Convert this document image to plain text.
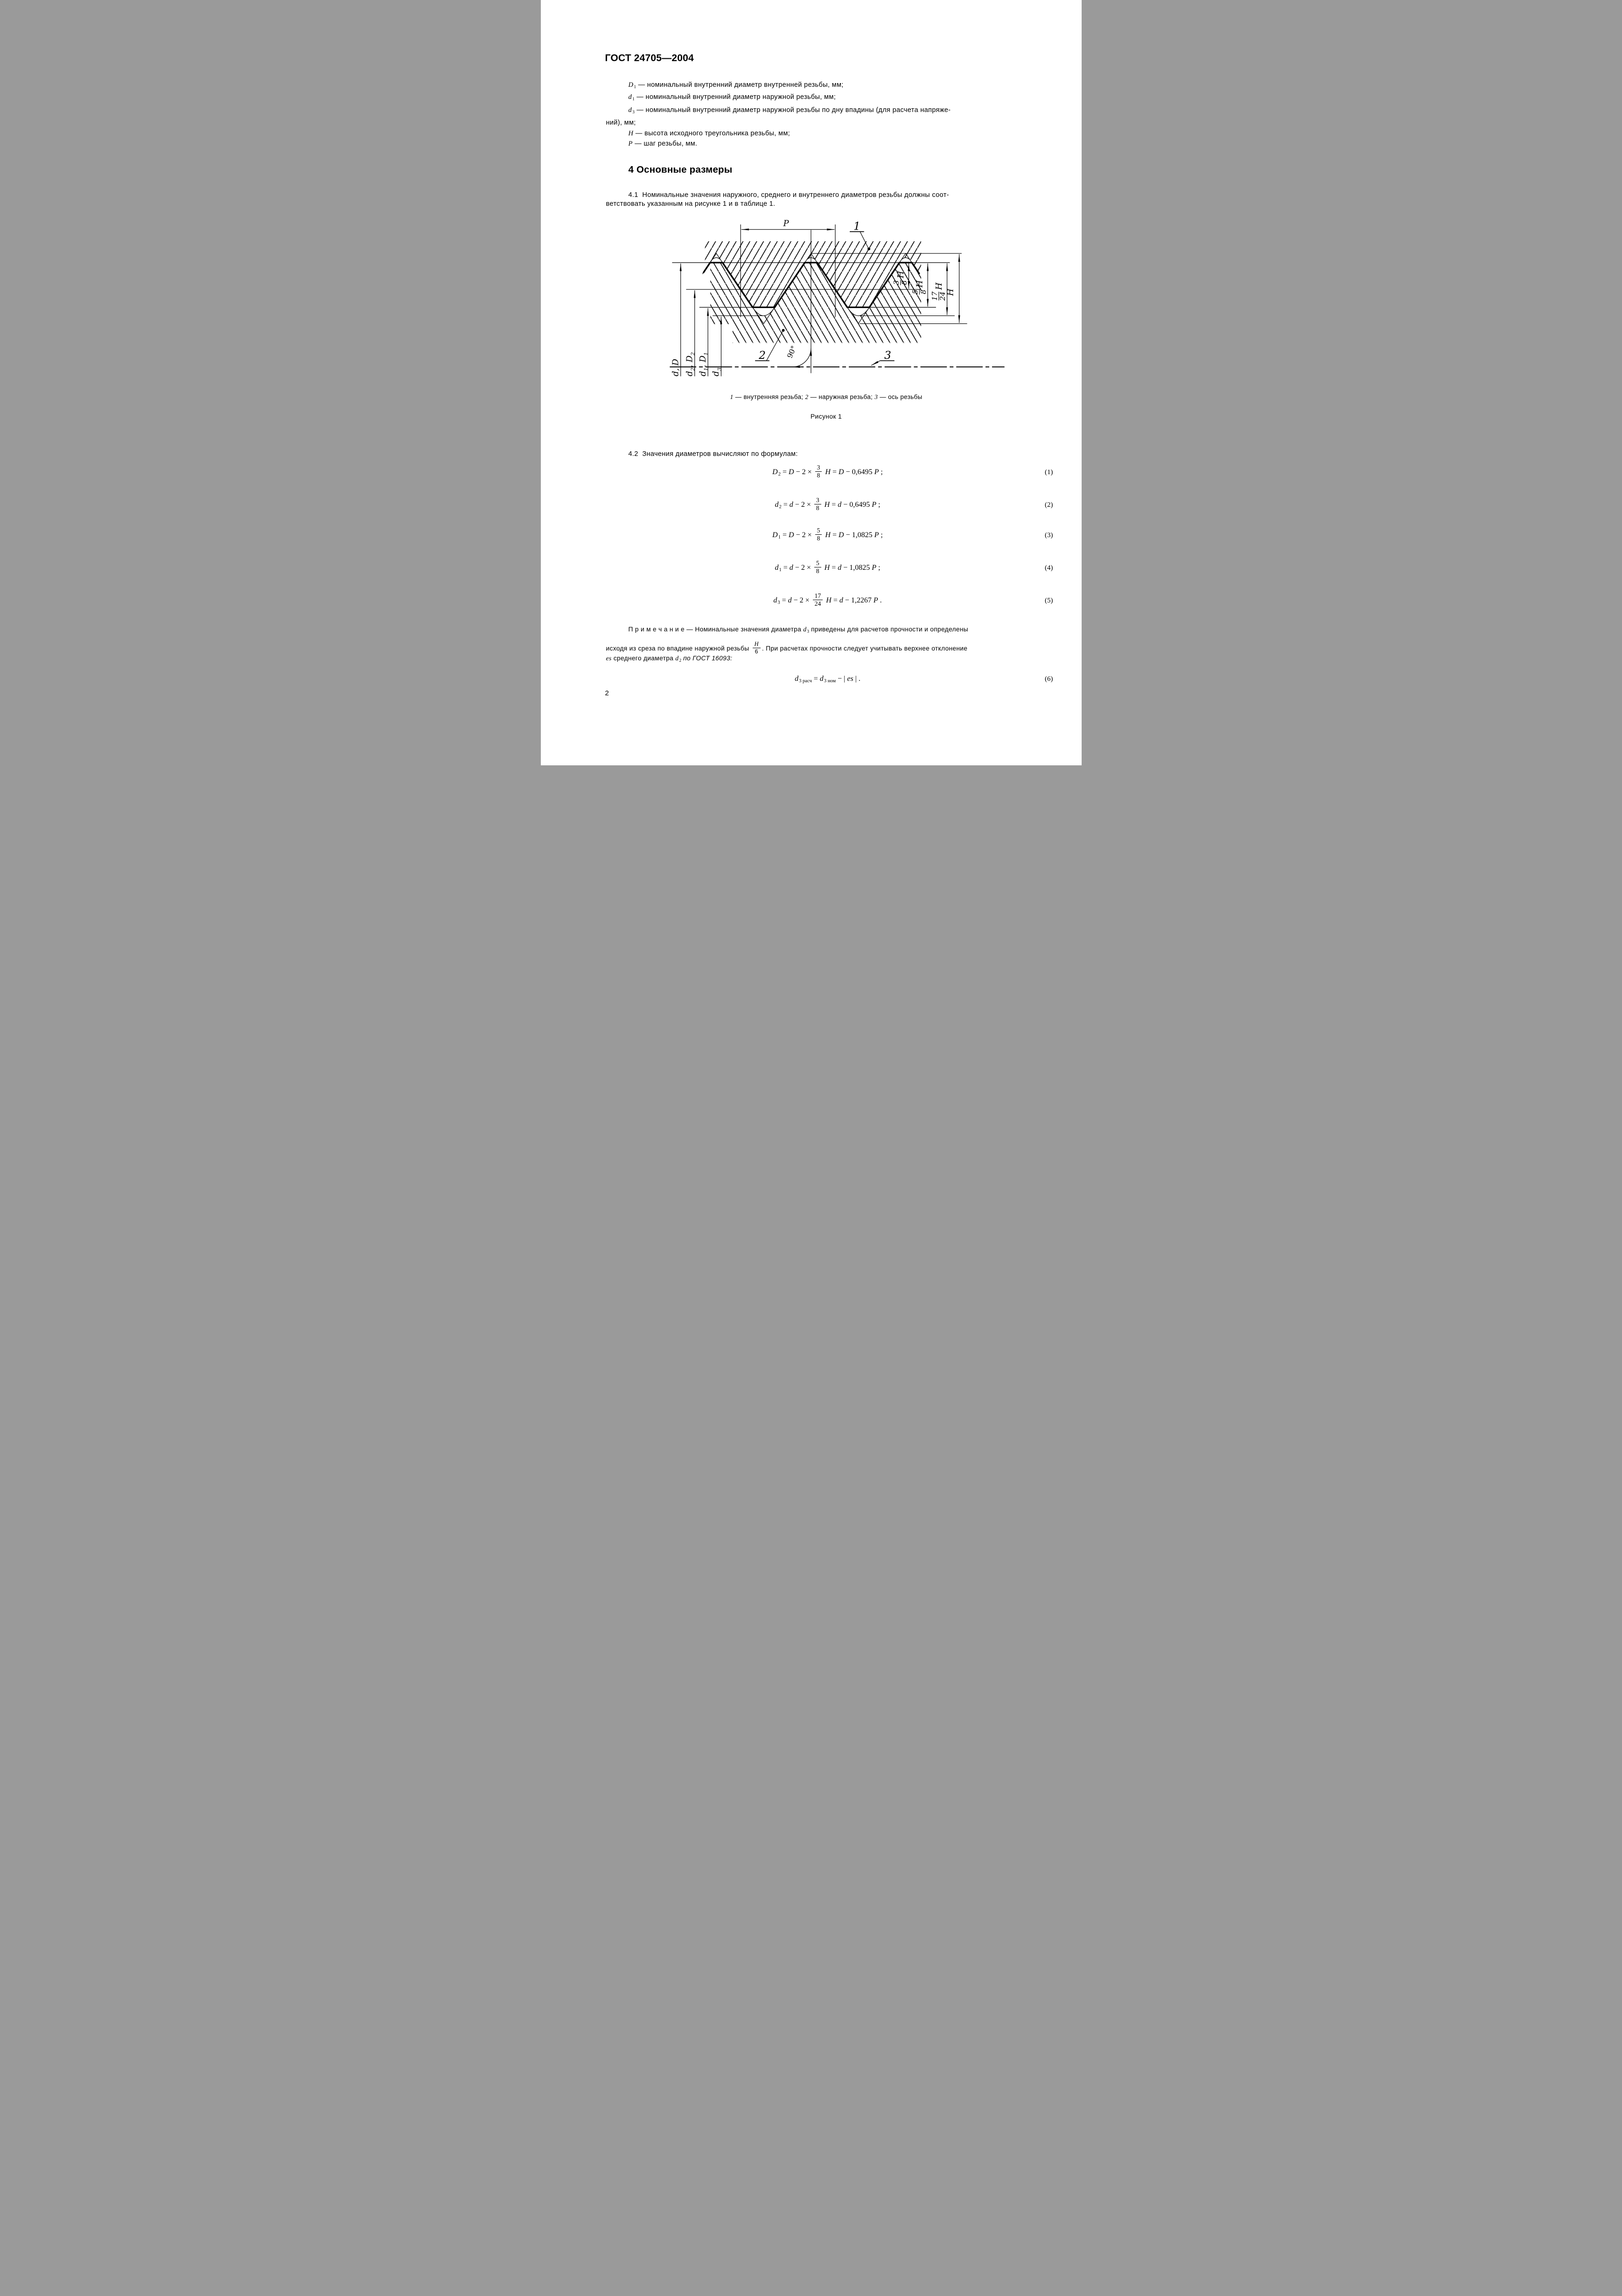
ГОСТ 24705—2004
D1 — номинальный внутренний диаметр внутренней резьбы, мм;
d1 — номинальный внутренний диаметр наружной резьбы, мм;
d3 — номинальный внутренний диаметр наружной резьбы по дну впадины (для расчета напряже-
ний), мм;
H — высота исходного треугольника резьбы, мм;
P — шаг резьбы, мм.
4 Основные размеры
4.1  Номинальные значения наружного, среднего и внутреннего диаметров резьбы должны соот-
ветствовать указанным на рисунке 1 и в таблице 1.
P 1
2	3
90°
3 8
H
5 8
H
17 24
H
H
d, D $d_2$, $D_2$
$d_1$, $D_1$
$d_3$
1 — внутренняя резьба; 2 — наружная резьба; 3 — ось резьбы
Рисунок 1
4.2  Значения диаметров вычисляют по формулам:
$D2 = D - 2 \times \frac{3}{8}$ H = D − 0,6495 P ;	(1)
$d2 = d - 2 \times \frac{3}{8}$ H = d − 0,6495 P ;	(2)
$D1 = D - 2 \times \frac{5}{8}$ H = D − 1,0825 P ;	(3)
$d1 = d - 2 \times \frac{5}{8}$ H = d − 1,0825 P ;	(4)
$d3 = d - 2 \times \frac{17}{24}$ H = d − 1,2267 P .	(5)
П р и м е ч а н и е — Номинальные значения диаметра d3 приведены для расчетов прочности и определены
исходя из среза по впадине наружной резьбы $\frac{H}{6}$ . При расчетах прочности следует учитывать верхнее отклонение
es среднего диаметра d2 по ГОСТ 16093:
d3 расч = d3 ном − | es | .	(6)
2
